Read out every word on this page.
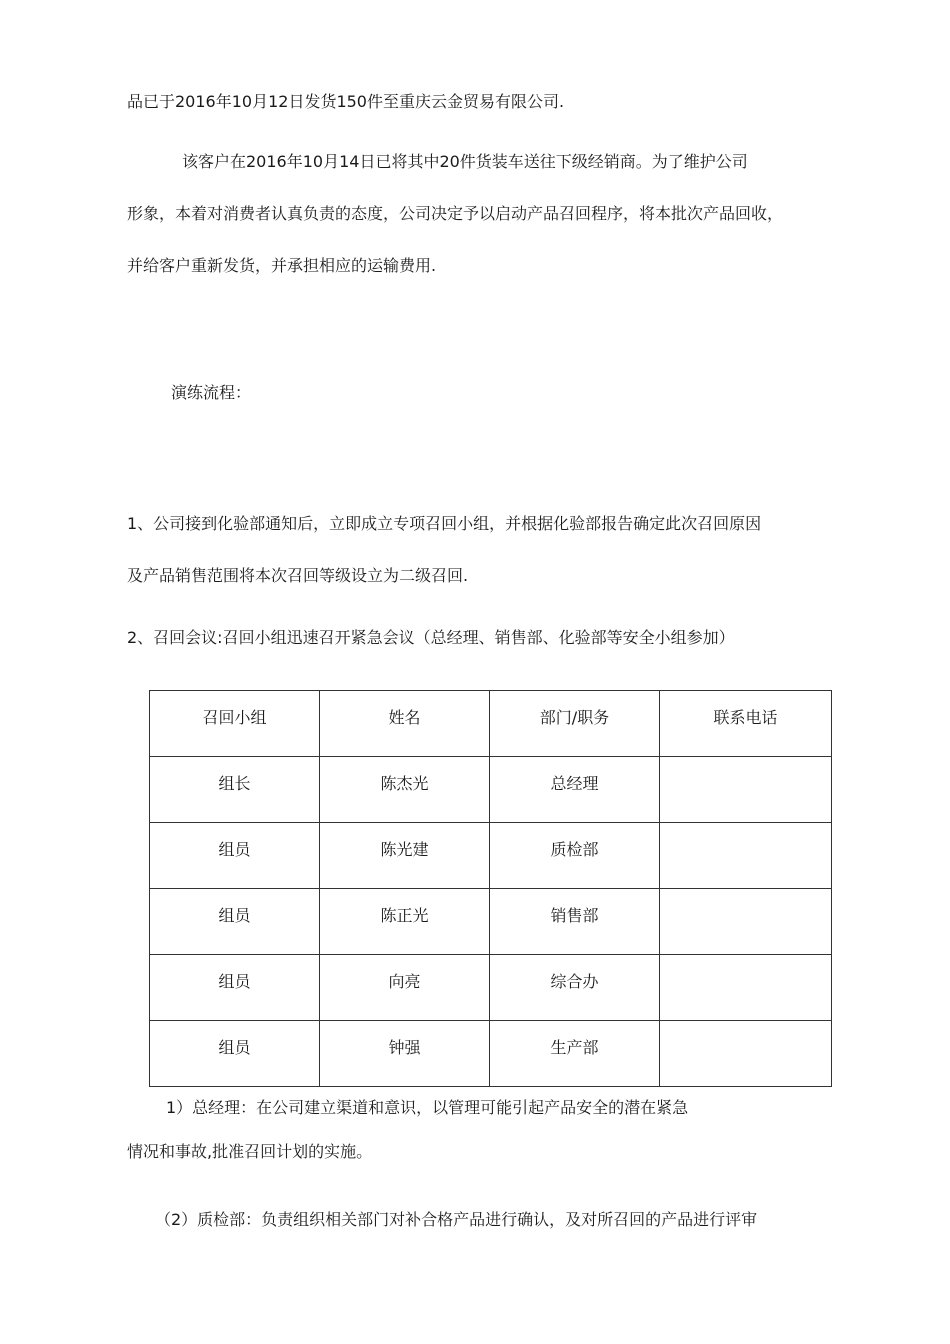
品已于2016年10月12日发货150件至重庆云金贸易有限公司.
该客户在2016年10月14日已将其中20件货装车送往下级经销商。为了维护公司
形象，本着对消费者认真负责的态度，公司决定予以启动产品召回程序，将本批次产品回收，
并给客户重新发货，并承担相应的运输费用.
演练流程：
1、公司接到化验部通知后，立即成立专项召回小组，并根据化验部报告确定此次召回原因
及产品销售范围将本次召回等级设立为二级召回.
2、召回会议:召回小组迅速召开紧急会议（总经理、销售部、化验部等安全小组参加）
召回小组	姓名	部门/职务	联系电话
组长	陈杰光	总经理	
组员	陈光建	质检部	
组员	陈正光	销售部	
组员	向亮	综合办	
组员	钟强	生产部	
1）总经理：在公司建立渠道和意识，以管理可能引起产品安全的潜在紧急
情况和事故,批准召回计划的实施。
（2）质检部：负责组织相关部门对补合格产品进行确认，及对所召回的产品进行评审
